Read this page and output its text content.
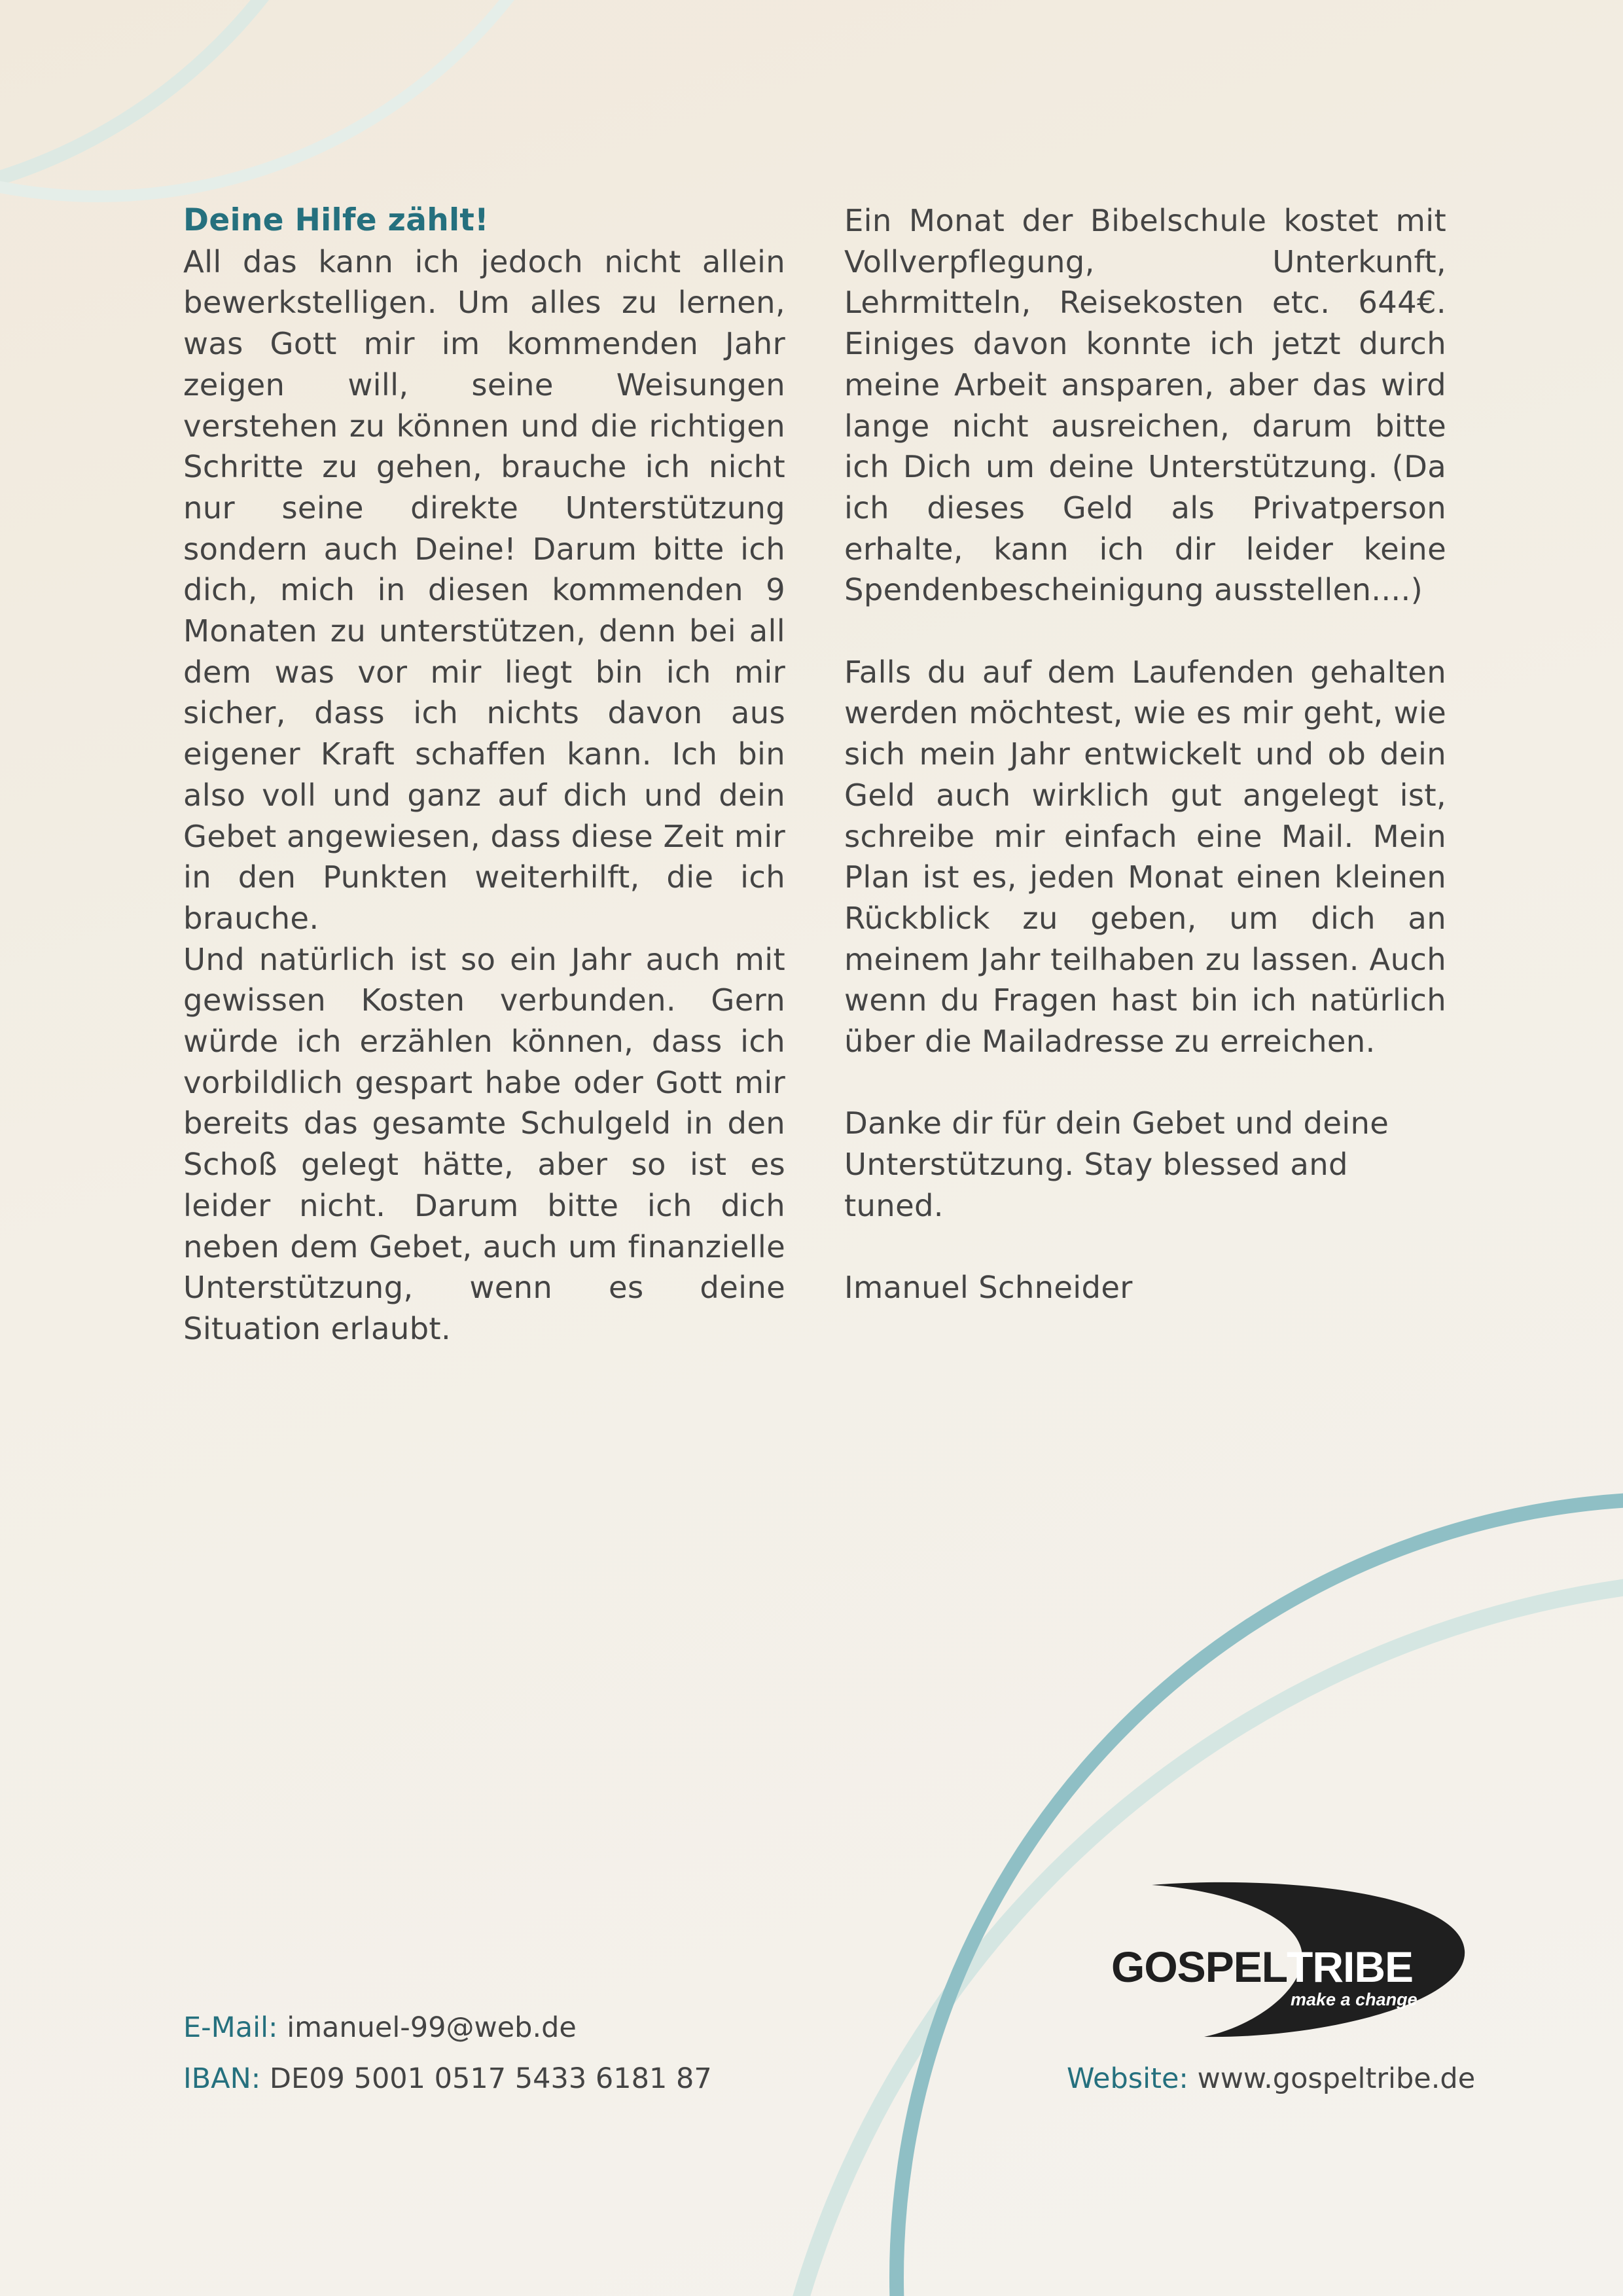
Deine Hilfe zählt!

All das kann ich jedoch nicht allein bewerkstelligen. Um alles zu lernen, was Gott mir im kommenden Jahr zeigen will, seine Weisungen verstehen zu können und die richtigen Schritte zu gehen, brauche ich nicht nur seine direkte Unterstützung sondern auch Deine! Darum bitte ich dich, mich in diesen kommenden 9 Monaten zu unterstützen, denn bei all dem was vor mir liegt bin ich mir sicher, dass ich nichts davon aus eigener Kraft schaffen kann. Ich bin also voll und ganz auf dich und dein Gebet angewiesen, dass diese Zeit mir in den Punkten weiterhilft, die ich brauche.

Und natürlich ist so ein Jahr auch mit gewissen Kosten verbunden. Gern würde ich erzählen können, dass ich vorbildlich gespart habe oder Gott mir bereits das gesamte Schulgeld in den Schoß gelegt hätte, aber so ist es leider nicht. Darum bitte ich dich neben dem Gebet, auch um finanzielle Unterstützung, wenn es deine Situation erlaubt.

Ein Monat der Bibelschule kostet mit Vollverpflegung, Unterkunft, Lehrmitteln, Reisekosten etc. 644€. Einiges davon konnte ich jetzt durch meine Arbeit ansparen, aber das wird lange nicht ausreichen, darum bitte ich Dich um deine Unterstützung. (Da ich dieses Geld als Privatperson erhalte, kann ich dir leider keine Spendenbescheinigung ausstellen....)

Falls du auf dem Laufenden gehalten werden möchtest, wie es mir geht, wie sich mein Jahr entwickelt und ob dein Geld auch wirklich gut angelegt ist, schreibe mir einfach eine Mail. Mein Plan ist es, jeden Monat einen kleinen Rückblick zu geben, um dich an meinem Jahr teilhaben zu lassen. Auch wenn du Fragen hast bin ich natürlich über die Mailadresse zu erreichen.

Danke dir für dein Gebet und deine Unterstützung. Stay blessed and tuned.

Imanuel Schneider

GOSPEL
TRIBE
make a change
E-Mail: imanuel-99@web.de
IBAN: DE09 5001 0517 5433 6181 87	Website: www.gospeltribe.de
